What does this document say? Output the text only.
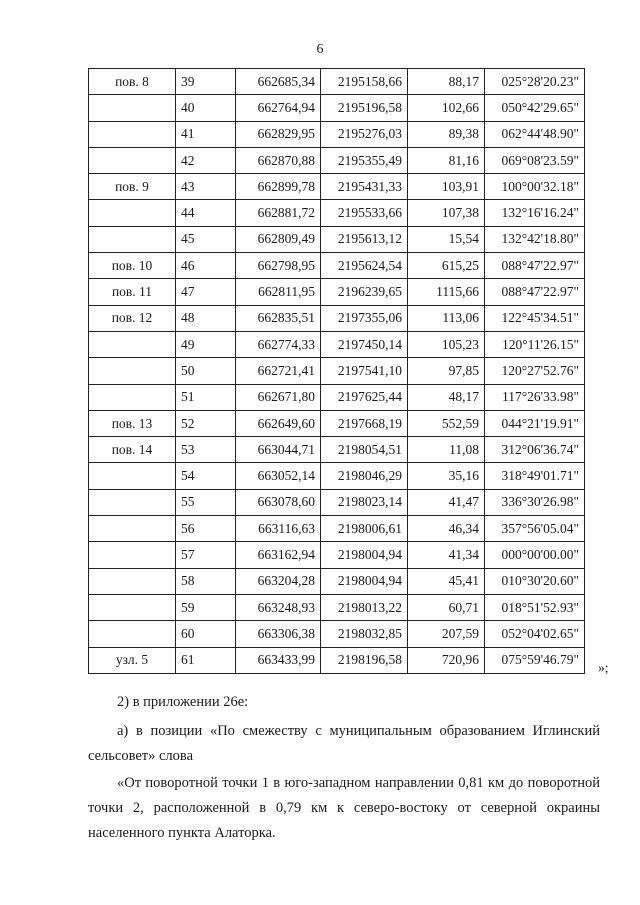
6
пов. 8	39	662685,34	2195158,66	88,17	025°28'20.23"
	40	662764,94	2195196,58	102,66	050°42'29.65"
	41	662829,95	2195276,03	89,38	062°44'48.90"
	42	662870,88	2195355,49	81,16	069°08'23.59"
пов. 9	43	662899,78	2195431,33	103,91	100°00'32.18"
	44	662881,72	2195533,66	107,38	132°16'16.24"
	45	662809,49	2195613,12	15,54	132°42'18.80"
пов. 10	46	662798,95	2195624,54	615,25	088°47'22.97"
пов. 11	47	662811,95	2196239,65	1115,66	088°47'22.97"
пов. 12	48	662835,51	2197355,06	113,06	122°45'34.51"
	49	662774,33	2197450,14	105,23	120°11'26.15"
	50	662721,41	2197541,10	97,85	120°27'52.76"
	51	662671,80	2197625,44	48,17	117°26'33.98"
пов. 13	52	662649,60	2197668,19	552,59	044°21'19.91"
пов. 14	53	663044,71	2198054,51	11,08	312°06'36.74"
	54	663052,14	2198046,29	35,16	318°49'01.71"
	55	663078,60	2198023,14	41,47	336°30'26.98"
	56	663116,63	2198006,61	46,34	357°56'05.04"
	57	663162,94	2198004,94	41,34	000°00'00.00"
	58	663204,28	2198004,94	45,41	010°30'20.60"
	59	663248,93	2198013,22	60,71	018°51'52.93"
	60	663306,38	2198032,85	207,59	052°04'02.65"
узл. 5	61	663433,99	2198196,58	720,96	075°59'46.79"
»;
2) в приложении 26е:
а) в позиции «По смежеству с муниципальным образованием Иглинский сельсовет» слова
«От поворотной точки 1 в юго-западном направлении 0,81 км до поворотной точки 2, расположенной в 0,79 км к северо-востоку от северной окраины населенного пункта Алаторка.
